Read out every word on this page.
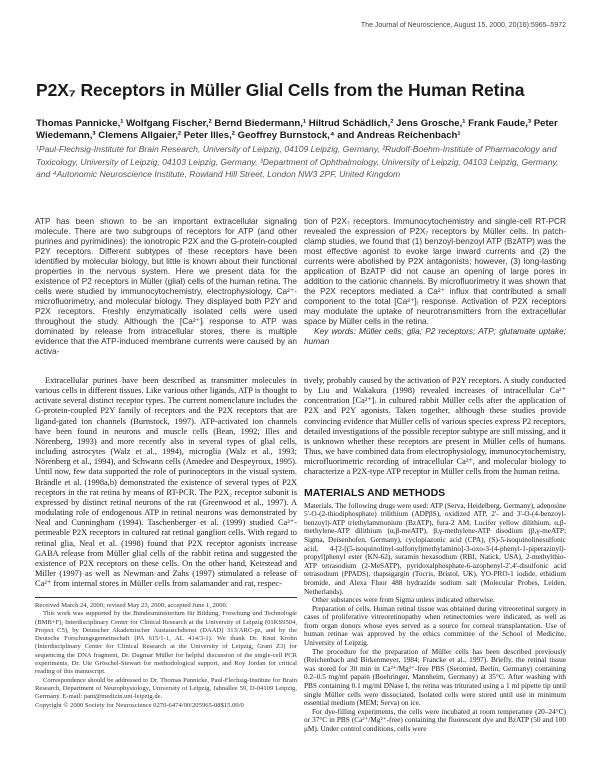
The Journal of Neuroscience, August 15, 2000, 20(16):5965–5972
P2X₇ Receptors in Müller Glial Cells from the Human Retina
Thomas Pannicke,¹ Wolfgang Fischer,² Bernd Biedermann,¹ Hiltrud Schädlich,² Jens Grosche,¹ Frank Faude,³ Peter Wiedemann,³ Clemens Allgaier,² Peter Illes,² Geoffrey Burnstock,⁴ and Andreas Reichenbach¹
¹Paul-Flechsig-Institute for Brain Research, University of Leipzig, 04109 Leipzig, Germany, ²Rudolf-Boehm-Institute of Pharmacology and Toxicology, University of Leipzig, 04103 Leipzig, Germany, ³Department of Ophthalmology, University of Leipzig, 04103 Leipzig, Germany, and ⁴Autonomic Neuroscience Institute, Rowland Hill Street, London NW3 2PF, United Kingdom

ATP has been shown to be an important extracellular signaling molecule. There are two subgroups of receptors for ATP (and other purines and pyrimidines): the ionotropic P2X and the G-protein-coupled P2Y receptors. Different subtypes of these receptors have been identified by molecular biology, but little is known about their functional properties in the nervous system. Here we present data for the existence of P2 receptors in Müller (glial) cells of the human retina. The cells were studied by immunocytochemistry, electrophysiology, Ca²⁺-microfluorimetry, and molecular biology. They displayed both P2Y and P2X receptors. Freshly enzymatically isolated cells were used throughout the study. Although the [Ca²⁺]ᵢ response to ATP was dominated by release from intracellular stores, there is multiple evidence that the ATP-induced membrane currents were caused by an activa-

tion of P2X₇ receptors. Immunocytochemistry and single-cell RT-PCR revealed the expression of P2X₇ receptors by Müller cells. In patch-clamp studies, we found that (1) benzoyl-benzoyl ATP (BzATP) was the most effective agonist to evoke large inward currents and (2) the currents were abolished by P2X antagonists; however, (3) long-lasting application of BzATP did not cause an opening of large pores in addition to the cationic channels. By microfluorimetry it was shown that the P2X receptors mediated a Ca²⁺ influx that contributed a small component to the total [Ca²⁺]ᵢ response. Activation of P2X receptors may modulate the uptake of neurotransmitters from the extracellular space by Müller cells in the retina.

Key words: Müller cells; glia; P2 receptors; ATP; glutamate uptake; human

Extracellular purines have been described as transmitter molecules in various cells in different tissues. Like various other ligands, ATP is thought to activate several distinct receptor types. The current nomenclature includes the G-protein-coupled P2Y family of receptors and the P2X receptors that are ligand-gated ion channels (Burnstock, 1997). ATP-activated ion channels have been found in neurons and muscle cells (Bean, 1992; Illes and Nörenberg, 1993) and more recently also in several types of glial cells, including astrocytes (Walz et al., 1994), microglia (Walz et al., 1993; Nörenberg et al., 1994), and Schwann cells (Amedee and Despeyroux, 1995). Until now, few data supported the role of purinoceptors in the visual system. Brändle et al. (1998a,b) demonstrated the existence of several types of P2X receptors in the rat retina by means of RT-PCR. The P2X₂ receptor subunit is expressed by distinct retinal neurons of the rat (Greenwood et al., 1997). A modulating role of endogenous ATP in retinal neurons was demonstrated by Neal and Cunningham (1994). Taschenberger et al. (1999) studied Ca²⁺-permeable P2X receptors in cultured rat retinal ganglion cells. With regard to retinal glia, Neal et al. (1998) found that P2X receptor agonists increase GABA release from Müller glial cells of the rabbit retina and suggested the existence of P2X receptors on these cells. On the other hand, Keirstead and Miller (1997) as well as Newman and Zahs (1997) stimulated a release of Ca²⁺ from internal stores in Müller cells from salamander and rat, respec-

tively, probably caused by the activation of P2Y receptors. A study conducted by Liu and Wakakura (1998) revealed increases of intracellular Ca²⁺ concentration [Ca²⁺]ᵢ in cultured rabbit Müller cells after the application of P2X and P2Y agonists. Taken together, although these studies provide convincing evidence that Müller cells of various species express P2 receptors, detailed investigations of the possible receptor subtype are still missing, and it is unknown whether these receptors are present in Müller cells of humans. Thus, we have combined data from electrophysiology, immunocytochemistry, microfluorimetric recording of intracellular Ca²⁺, and molecular biology to characterize a P2X-type ATP receptor in Müller cells from the human retina.

MATERIALS AND METHODS

Materials. The following drugs were used: ATP (Serva, Heidelberg, Germany), adenosine 5'-O-(2-thiodiphosphate) trilithium (ADPβS), oxidized ATP, 2'- and 3'-O-(4-benzoyl-benzoyl)-ATP triethylammonium (BzATP), fura-2 AM, Lucifer yellow dilithium, α,β-methylene-ATP dilithium (α,β-meATP), β,γ-methylene-ATP disodium (β,γ-meATP; Sigma, Deisenhofen, Germany), cyclopiazonic acid (CPA), (S)-5-isoquinolinesulfonic acid, 4-[2-[(5-isoquinolinyl-sulfonyl)methylamino]-3-oxo-3-(4-phenyl-1-piperazinyl)-propyl]phenyl ester (KN-62), suramin hexasodium (RBI, Natick, USA), 2-methylthio-ATP tetrasodium (2-MeSATP), pyridoxalphosphate-6-azophenyl-2',4'-disulfonic acid tetrasodium (PPADS), thapsigargin (Tocris, Bristol, UK), YO-PRO-1 iodide, ethidium bromide, and Alexa Fluor 488 hydrazide sodium salt (Molecular Probes, Leiden, Netherlands).

Other substances were from Sigma unless indicated otherwise.

Preparation of cells. Human retinal tissue was obtained during vitreoretinal surgery in cases of proliferative vitreoretinopathy when retinectomies were indicated, as well as from organ donors whose eyes served as a source for corneal transplantation. Use of human retinae was approved by the ethics committee of the School of Medicine, University of Leipzig.

The procedure for the preparation of Müller cells has been described previously (Reichenbach and Birkenmeyer, 1984; Francke et al., 1997). Briefly, the retinal tissue was stored for 30 min in Ca²⁺/Mg²⁺-free PBS (Seromed, Berlin, Germany) containing 0.2–0.5 mg/ml papain (Boehringer, Mannheim, Germany) at 35°C. After washing with PBS containing 0.1 mg/ml DNase I, the retina was triturated using a 1 ml pipette tip until single Müller cells were dissociated. Isolated cells were stored until use in minimum essential medium (MEM; Serva) on ice.

For dye-filling experiments, the cells were incubated at room temperature (20–24°C) or 37°C in PBS (Ca²⁺/Mg²⁺-free) containing the fluorescent dye and BzATP (50 and 100 μM). Under control conditions, cells were

Received March 24, 2000; revised May 23, 2000; accepted June 1, 2000.

This work was supported by the Bundesministerium für Bildung, Forschung und Technologie (BMB+F), Interdisciplinary Center for Clinical Research at the University of Leipzig (01KS9504, Project C5), by Deutscher Akademischer Austauschdienst (DAAD) 313/ARC-pz, and by the Deutsche Forschungsgemeinschaft (PA 615/1-1, AL 414/3-1). We thank Dr. Knut Krohn (Interdisciplinary Center for Clinical Research at the University of Leipzig, Grant Z3) for sequencing the DNA fragment, Dr. Dagmar Müller for helpful discussion of the single-cell PCR experiments, Dr. Ute Gröschel-Stewart for methodological support, and Roy Jordan for critical reading of this manuscript.

Correspondence should be addressed to Dr. Thomas Pannicke, Paul-Flechsig-Institute for Brain Research, Department of Neurophysiology, University of Leipzig, Jahnallee 59, D-04109 Leipzig, Germany. E-mail: pant@medizin.uni-leipzig.de.

Copyright © 2000 Society for Neuroscience 0270-6474/00/205965-08$15.00/0
